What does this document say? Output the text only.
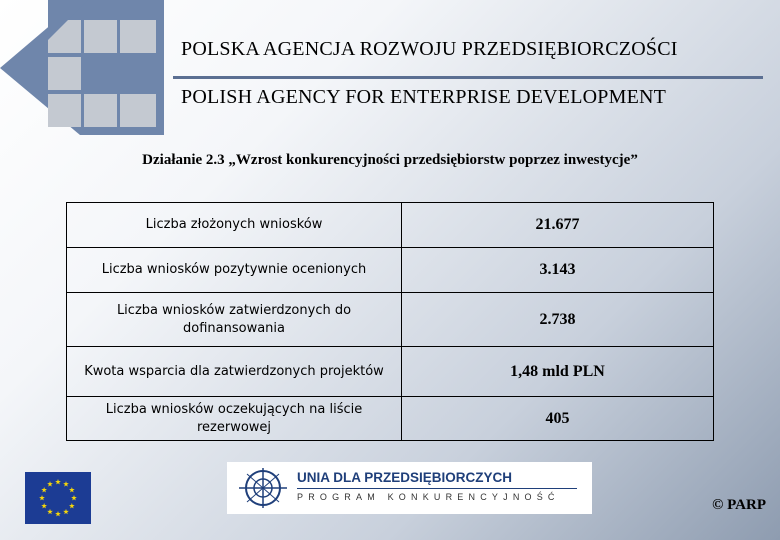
POLSKA AGENCJA ROZWOJU PRZEDSIĘBIORCZOŚCI
POLISH AGENCY FOR ENTERPRISE DEVELOPMENT
Działanie 2.3 „Wzrost konkurencyjności przedsiębiorstw poprzez inwestycje”
Liczba złożonych wniosków	21.677
Liczba wniosków pozytywnie ocenionych	3.143
Liczba wniosków zatwierdzonych do dofinansowania	2.738
Kwota wsparcia dla zatwierdzonych projektów	1,48 mld PLN
Liczba wniosków oczekujących na liście rezerwowej	405
UNIA DLA PRZEDSIĘBIORCZYCH
PROGRAM KONKURENCYJNOŚĆ	© PARP
